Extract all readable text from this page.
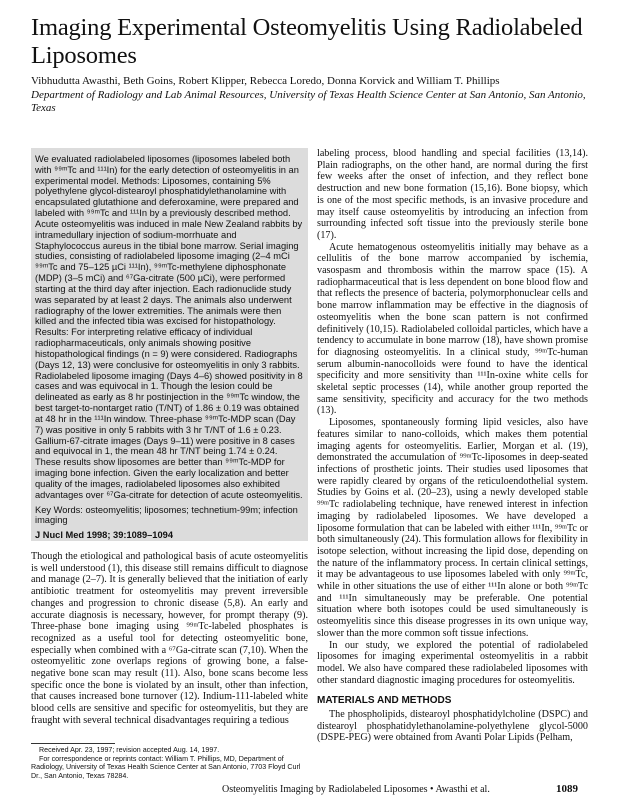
Imaging Experimental Osteomyelitis Using Radiolabeled Liposomes
Vibhudutta Awasthi, Beth Goins, Robert Klipper, Rebecca Loredo, Donna Korvick and William T. Phillips
Department of Radiology and Lab Animal Resources, University of Texas Health Science Center at San Antonio, San Antonio, Texas

We evaluated radiolabeled liposomes (liposomes labeled both with ⁹⁹ᵐTc and ¹¹¹In) for the early detection of osteomyelitis in an experimental model. Methods: Liposomes, containing 5% polyethylene glycol-distearoyl phosphatidylethanolamine with encapsulated glutathione and deferoxamine, were prepared and labeled with ⁹⁹ᵐTc and ¹¹¹In by a previously described method. Acute osteomyelitis was induced in male New Zealand rabbits by intramedullary injection of sodium-morrhuate and Staphylococcus aureus in the tibial bone marrow. Serial imaging studies, consisting of radiolabeled liposome imaging (2–4 mCi ⁹⁹ᵐTc and 75–125 µCi ¹¹¹In), ⁹⁹ᵐTc-methylene diphosphonate (MDP) (3–5 mCi) and ⁶⁷Ga-citrate (500 µCi), were performed starting at the third day after injection. Each radionuclide study was separated by at least 2 days. The animals also underwent radiography of the lower extremities. The animals were then killed and the infected tibia was excised for histopathology. Results: For interpreting relative efficacy of individual radiopharmaceuticals, only animals showing positive histopathological findings (n = 9) were considered. Radiographs (Days 12, 13) were conclusive for osteomyelitis in only 3 rabbits. Radiolabeled liposome imaging (Days 4–6) showed positivity in 8 cases and was equivocal in 1. Though the lesion could be delineated as early as 8 hr postinjection in the ⁹⁹ᵐTc window, the best target-to-nontarget ratio (T/NT) of 1.86 ± 0.19 was obtained at 48 hr in the ¹¹¹In window. Three-phase ⁹⁹ᵐTc-MDP scan (Day 7) was positive in only 5 rabbits with 3 hr T/NT of 1.6 ± 0.23. Gallium-67-citrate images (Days 9–11) were positive in 8 cases and equivocal in 1, the mean 48 hr T/NT being 1.74 ± 0.24. These results show liposomes are better than ⁹⁹ᵐTc-MDP for imaging bone infection. Given the early localization and better quality of the images, radiolabeled liposomes also exhibited advantages over ⁶⁷Ga-citrate for detection of acute osteomyelitis.

Key Words: osteomyelitis; liposomes; technetium-99m; infection imaging

J Nucl Med 1998; 39:1089–1094

Though the etiological and pathological basis of acute osteomyelitis is well understood (1), this disease still remains difficult to diagnose and manage (2–7). It is generally believed that the initiation of early antibiotic treatment for osteomyelitis may prevent irreversible changes and progression to chronic disease (5,8). An early and accurate diagnosis is necessary, however, for prompt therapy (9). Three-phase bone imaging using ⁹⁹ᵐTc-labeled phosphates is recognized as a useful tool for detecting osteomyelitic bone, especially when combined with a ⁶⁷Ga-citrate scan (7,10). When the osteomyelitic zone overlaps regions of growing bone, a false-negative bone scan may result (11). Also, bone scans become less specific once the bone is violated by an insult, other than infection, that causes increased bone turnover (12). Indium-111-labeled white blood cells are sensitive and specific for osteomyelitis, but they are fraught with several technical disadvantages requiring a tedious

Received Apr. 23, 1997; revision accepted Aug. 14, 1997.

For correspondence or reprints contact: William T. Phillips, MD, Department of Radiology, University of Texas Health Science Center at San Antonio, 7703 Floyd Curl Dr., San Antonio, Texas 78284.

labeling process, blood handling and special facilities (13,14). Plain radiographs, on the other hand, are normal during the first few weeks after the onset of infection, and they reflect bone destruction and new bone formation (15,16). Bone biopsy, which is one of the most specific methods, is an invasive procedure and may itself cause osteomyelitis by introducing an infection from surrounding infected soft tissue into the previously sterile bone (17).

Acute hematogenous osteomyelitis initially may behave as a cellulitis of the bone marrow accompanied by ischemia, vasospasm and thrombosis within the marrow space (15). A radiopharmaceutical that is less dependent on bone blood flow and that reflects the presence of bacteria, polymorphonuclear cells and bone marrow inflammation may be effective in the diagnosis of osteomyelitis when the bone scan pattern is not confirmed definitively (10,15). Radiolabeled colloidal particles, which have a tendency to accumulate in bone marrow (18), have shown promise for diagnosing osteomyelitis. In a clinical study, ⁹⁹ᵐTc-human serum albumin-nanocolloids were found to have the identical specificity and more sensitivity than ¹¹¹In-oxine white cells for skeletal septic processes (14), while another group reported the same sensitivity, specificity and accuracy for the two methods (13).

Liposomes, spontaneously forming lipid vesicles, also have features similar to nano-colloids, which makes them potential imaging agents for osteomyelitis. Earlier, Morgan et al. (19), demonstrated the accumulation of ⁹⁹ᵐTc-liposomes in deep-seated infections of prosthetic joints. Their studies used liposomes that were rapidly cleared by organs of the reticuloendothelial system. Studies by Goins et al. (20–23), using a newly developed stable ⁹⁹ᵐTc radiolabeling technique, have renewed interest in infection imaging by radiolabeled liposomes. We have developed a liposome formulation that can be labeled with either ¹¹¹In, ⁹⁹ᵐTc or both simultaneously (24). This formulation allows for flexibility in isotope selection, without increasing the lipid dose, depending on the nature of the inflammatory process. In certain clinical settings, it may be advantageous to use liposomes labeled with only ⁹⁹ᵐTc, while in other situations the use of either ¹¹¹In alone or both ⁹⁹ᵐTc and ¹¹¹In simultaneously may be preferable. One potential situation where both isotopes could be used simultaneously is osteomyelitis since this disease progresses in its own unique way, slower than the more common soft tissue infections.

In our study, we explored the potential of radiolabeled liposomes for imaging experimental osteomyelitis in a rabbit model. We also have compared these radiolabeled liposomes with other standard diagnostic imaging procedures for osteomyelitis.

MATERIALS AND METHODS

The phospholipids, distearoyl phosphatidylcholine (DSPC) and distearoyl phosphatidylethanolamine-polyethylene glycol-5000 (DSPE-PEG) were obtained from Avanti Polar Lipids (Pelham,

Osteomyelitis Imaging by Radiolabeled Liposomes • Awasthi et al.	1089
